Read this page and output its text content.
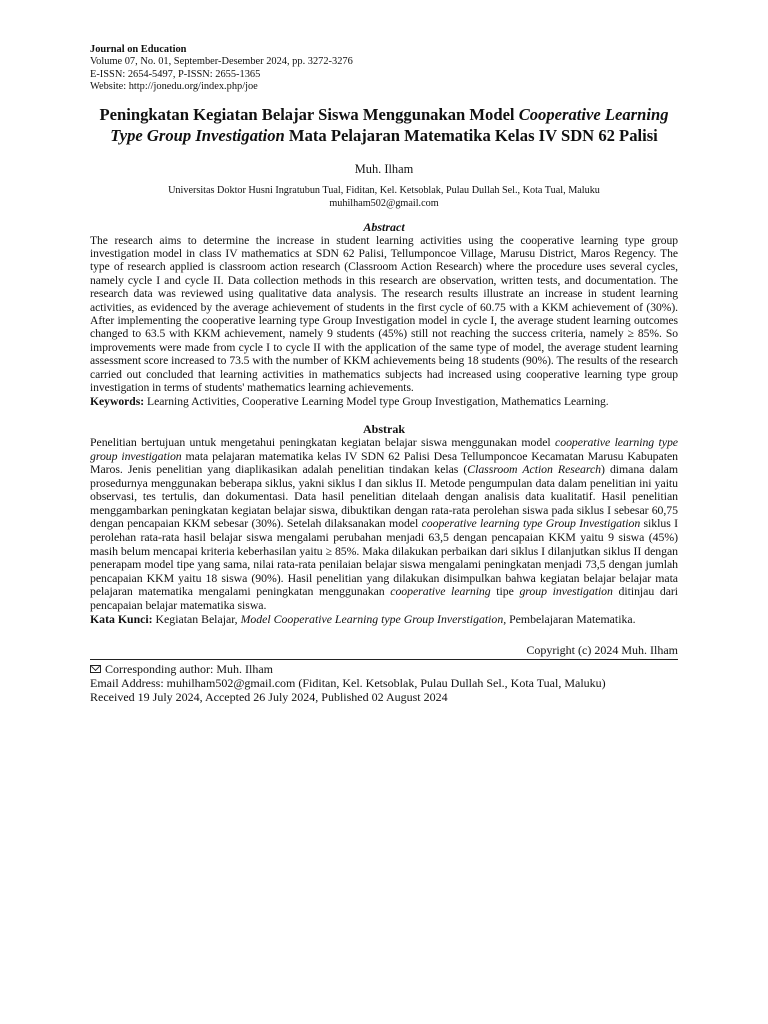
Journal on Education
Volume 07, No. 01, September-Desember 2024, pp. 3272-3276
E-ISSN: 2654-5497, P-ISSN: 2655-1365
Website: http://jonedu.org/index.php/joe
Peningkatan Kegiatan Belajar Siswa Menggunakan Model Cooperative Learning Type Group Investigation Mata Pelajaran Matematika Kelas IV SDN 62 Palisi
Muh. Ilham
Universitas Doktor Husni Ingratubun Tual, Fiditan, Kel. Ketsoblak, Pulau Dullah Sel., Kota Tual, Maluku
muhilham502@gmail.com
Abstract
The research aims to determine the increase in student learning activities using the cooperative learning type group investigation model in class IV mathematics at SDN 62 Palisi, Tellumponcoe Village, Marusu District, Maros Regency. The type of research applied is classroom action research (Classroom Action Research) where the procedure uses several cycles, namely cycle I and cycle II. Data collection methods in this research are observation, written tests, and documentation. The research data was reviewed using qualitative data analysis. The research results illustrate an increase in student learning activities, as evidenced by the average achievement of students in the first cycle of 60.75 with a KKM achievement of (30%). After implementing the cooperative learning type Group Investigation model in cycle I, the average student learning outcomes changed to 63.5 with KKM achievement, namely 9 students (45%) still not reaching the success criteria, namely ≥ 85%. So improvements were made from cycle I to cycle II with the application of the same type of model, the average student learning assessment score increased to 73.5 with the number of KKM achievements being 18 students (90%). The results of the research carried out concluded that learning activities in mathematics subjects had increased using cooperative learning type group investigation in terms of students' mathematics learning achievements.
Keywords: Learning Activities, Cooperative Learning Model type Group Investigation, Mathematics Learning.
Abstrak
Penelitian bertujuan untuk mengetahui peningkatan kegiatan belajar siswa menggunakan model cooperative learning type group investigation mata pelajaran matematika kelas IV SDN 62 Palisi Desa Tellumponcoe Kecamatan Marusu Kabupaten Maros. Jenis penelitian yang diaplikasikan adalah penelitian tindakan kelas (Classroom Action Research) dimana dalam prosedurnya menggunakan beberapa siklus, yakni siklus I dan siklus II. Metode pengumpulan data dalam penelitian ini yaitu observasi, tes tertulis, dan dokumentasi. Data hasil penelitian ditelaah dengan analisis data kualitatif. Hasil penelitian menggambarkan peningkatan kegiatan belajar siswa, dibuktikan dengan rata-rata perolehan siswa pada siklus I sebesar 60,75 dengan pencapaian KKM sebesar (30%). Setelah dilaksanakan model cooperative learning type Group Investigation siklus I perolehan rata-rata hasil belajar siswa mengalami perubahan menjadi 63,5 dengan pencapaian KKM yaitu 9 siswa (45%) masih belum mencapai kriteria keberhasilan yaitu ≥ 85%. Maka dilakukan perbaikan dari siklus I dilanjutkan siklus II dengan penerapam model tipe yang sama, nilai rata-rata penilaian belajar siswa mengalami peningkatan menjadi 73,5 dengan jumlah pencapaian KKM yaitu 18 siswa (90%). Hasil penelitian yang dilakukan disimpulkan bahwa kegiatan belajar belajar mata pelajaran matematika mengalami peningkatan menggunakan cooperative learning tipe group investigation ditinjau dari pencapaian belajar matematika siswa.
Kata Kunci: Kegiatan Belajar, Model Cooperative Learning type Group Inverstigation, Pembelajaran Matematika.
Copyright (c) 2024 Muh. Ilham
Corresponding author: Muh. Ilham
Email Address: muhilham502@gmail.com (Fiditan, Kel. Ketsoblak, Pulau Dullah Sel., Kota Tual, Maluku)
Received 19 July 2024, Accepted 26 July 2024, Published 02 August 2024
